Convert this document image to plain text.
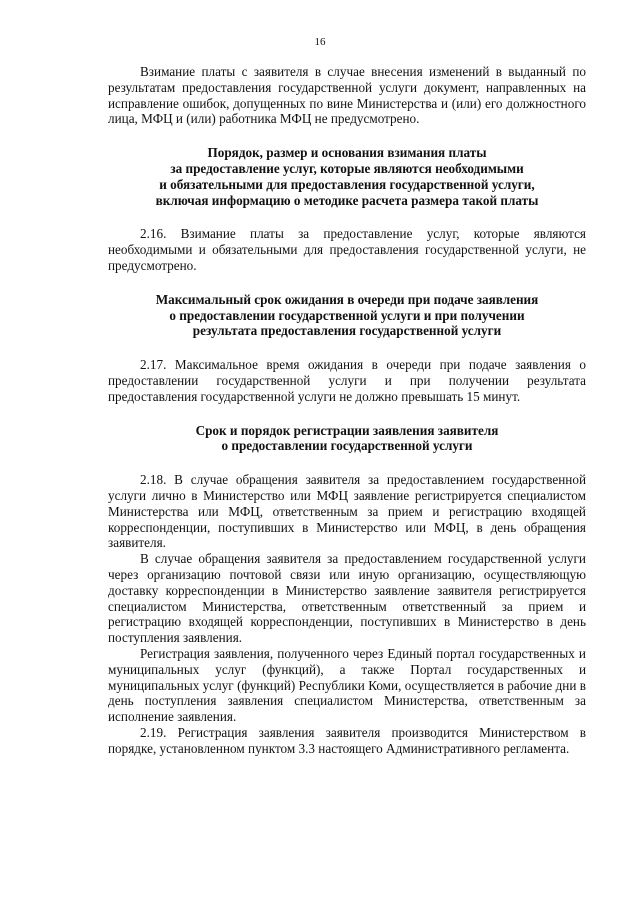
16

Взимание платы с заявителя в случае внесения изменений в выданный по результатам предоставления государственной услуги документ, направленных на исправление ошибок, допущенных по вине Министерства и (или) его должностного лица, МФЦ и (или) работника МФЦ не предусмотрено.

Порядок, размер и основания взимания платы

за предоставление услуг, которые являются необходимыми

и обязательными для предоставления государственной услуги,

включая информацию о методике расчета размера такой платы

2.16. Взимание платы за предоставление услуг, которые являются необходимыми и обязательными для предоставления государственной услуги, не предусмотрено.

Максимальный срок ожидания в очереди при подаче заявления

о предоставлении государственной услуги и при получении

результата предоставления государственной услуги

2.17. Максимальное время ожидания в очереди при подаче заявления о предоставлении государственной услуги и при получении результата предоставления государственной услуги не должно превышать 15 минут.

Срок и порядок регистрации заявления заявителя

о предоставлении государственной услуги

2.18. В случае обращения заявителя за предоставлением государственной услуги лично в Министерство или МФЦ заявление регистрируется специалистом Министерства или МФЦ, ответственным за прием и регистрацию входящей корреспонденции, поступивших в Министерство или МФЦ, в день обращения заявителя.

В случае обращения заявителя за предоставлением государственной услуги через организацию почтовой связи или иную организацию, осуществляющую доставку корреспонденции в Министерство заявление заявителя регистрируется специалистом Министерства, ответственным ответственный за прием и регистрацию входящей корреспонденции, поступивших в Министерство в день поступления заявления.

Регистрация заявления, полученного через Единый портал государственных и муниципальных услуг (функций), а также Портал государственных и муниципальных услуг (функций) Республики Коми, осуществляется в рабочие дни в день поступления заявления специалистом Министерства, ответственным за исполнение заявления.

2.19. Регистрация заявления заявителя производится Министерством в порядке, установленном пунктом 3.3 настоящего Административного регламента.
